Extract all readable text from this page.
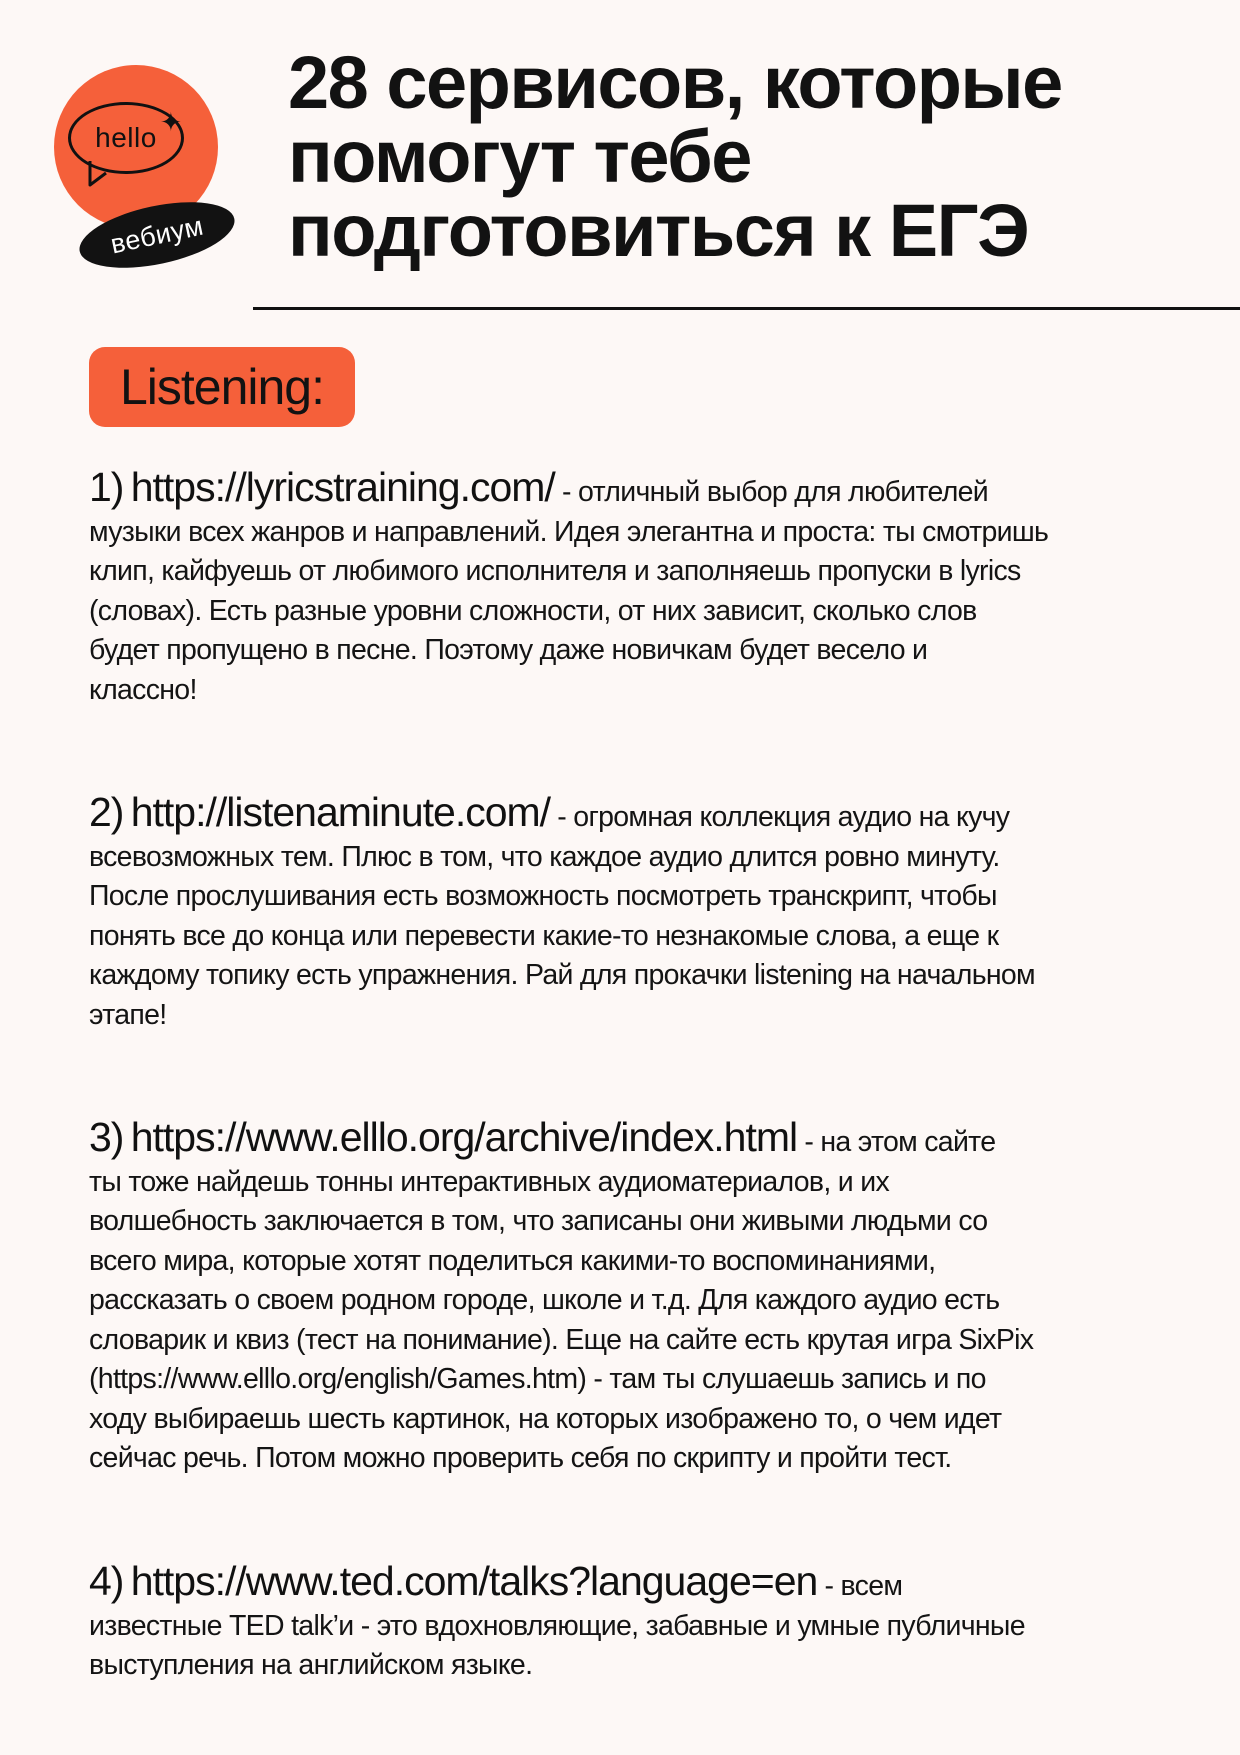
hello ✦
вебиум
28 сервисов, которые
помогут тебе
подготовиться к ЕГЭ
Listening:

1) https://lyricstraining.com/ - отличный выбор для любителей

музыки всех жанров и направлений. Идея элегантна и проста: ты смотришь

клип, кайфуешь от любимого исполнителя и заполняешь пропуски в lyrics

(словах). Есть разные уровни сложности, от них зависит, сколько слов

будет пропущено в песне. Поэтому даже новичкам будет весело и

классно!

2) http://listenaminute.com/ - огромная коллекция аудио на кучу

всевозможных тем. Плюс в том, что каждое аудио длится ровно минуту.

После прослушивания есть возможность посмотреть транскрипт, чтобы

понять все до конца или перевести какие-то незнакомые слова, а еще к

каждому топику есть упражнения. Рай для прокачки listening на начальном

этапе!

3) https://www.elllo.org/archive/index.html - на этом сайте

ты тоже найдешь тонны интерактивных аудиоматериалов, и их

волшебность заключается в том, что записаны они живыми людьми со

всего мира, которые хотят поделиться какими-то воспоминаниями,

рассказать о своем родном городе, школе и т.д. Для каждого аудио есть

словарик и квиз (тест на понимание). Еще на сайте есть крутая игра SixPix

(https://www.elllo.org/english/Games.htm) - там ты слушаешь запись и по

ходу выбираешь шесть картинок, на которых изображено то, о чем идет

сейчас речь. Потом можно проверить себя по скрипту и пройти тест.

4) https://www.ted.com/talks?language=en - всем

известные TED talk’и - это вдохновляющие, забавные и умные публичные

выступления на английском языке.
